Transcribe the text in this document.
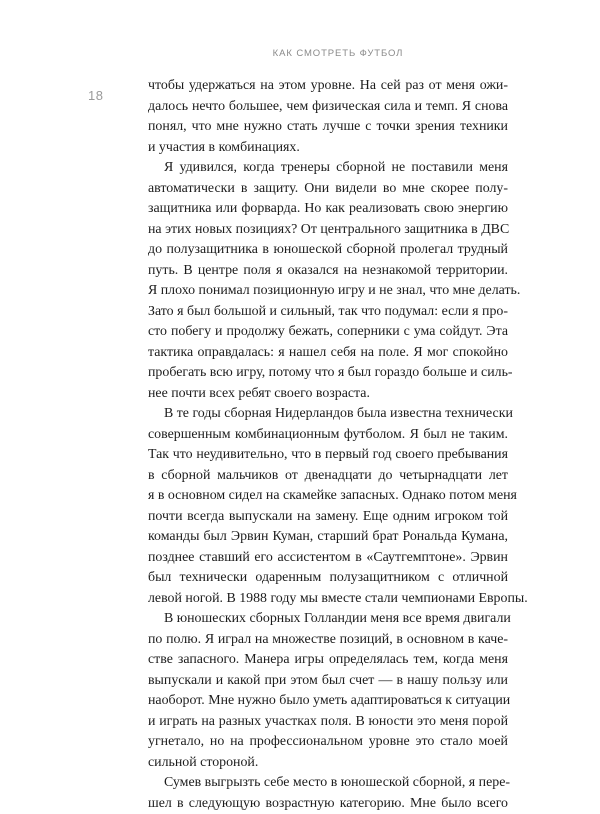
КАК СМОТРЕТЬ ФУТБОЛ
18
чтобы удержаться на этом уровне. На сей раз от меня ожи-
далось нечто большее, чем физическая сила и темп. Я снова
понял, что мне нужно стать лучше с точки зрения техники
и участия в комбинациях.
Я удивился, когда тренеры сборной не поставили меня
автоматически в защиту. Они видели во мне скорее полу-
защитника или форварда. Но как реализовать свою энергию
на этих новых позициях? От центрального защитника в ДВС
до полузащитника в юношеской сборной пролегал трудный
путь. В центре поля я оказался на незнакомой территории.
Я плохо понимал позиционную игру и не знал, что мне делать.
Зато я был большой и сильный, так что подумал: если я про-
сто побегу и продолжу бежать, соперники с ума сойдут. Эта
тактика оправдалась: я нашел себя на поле. Я мог спокойно
пробегать всю игру, потому что я был гораздо больше и силь-
нее почти всех ребят своего возраста.
В те годы сборная Нидерландов была известна технически
совершенным комбинационным футболом. Я был не таким.
Так что неудивительно, что в первый год своего пребывания
в сборной мальчиков от двенадцати до четырнадцати лет
я в основном сидел на скамейке запасных. Однако потом меня
почти всегда выпускали на замену. Еще одним игроком той
команды был Эрвин Куман, старший брат Рональда Кумана,
позднее ставший его ассистентом в «Саутгемптоне». Эрвин
был технически одаренным полузащитником с отличной
левой ногой. В 1988 году мы вместе стали чемпионами Европы.
В юношеских сборных Голландии меня все время двигали
по полю. Я играл на множестве позиций, в основном в каче-
стве запасного. Манера игры определялась тем, когда меня
выпускали и какой при этом был счет — в нашу пользу или
наоборот. Мне нужно было уметь адаптироваться к ситуации
и играть на разных участках поля. В юности это меня порой
угнетало, но на профессиональном уровне это стало моей
сильной стороной.
Сумев выгрызть себе место в юношеской сборной, я пере-
шел в следующую возрастную категорию. Мне было всего
